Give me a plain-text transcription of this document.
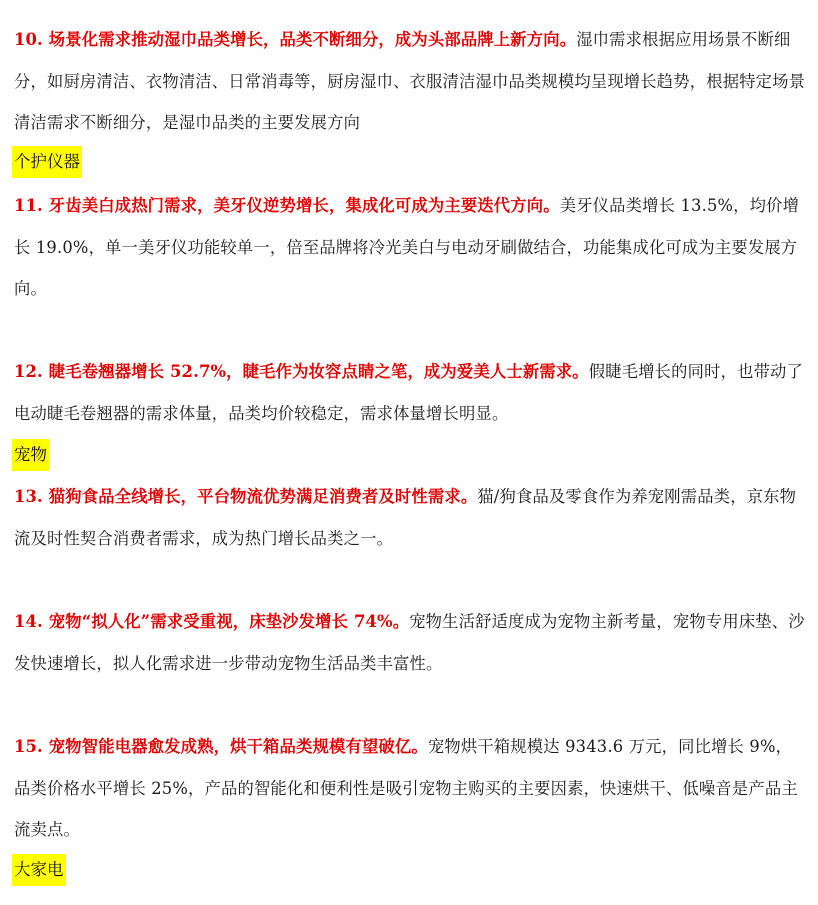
10. 场景化需求推动湿巾品类增长，品类不断细分，成为头部品牌上新方向。湿巾需求根据应用场景不断细分，如厨房清洁、衣物清洁、日常消毒等，厨房湿巾、衣服清洁湿巾品类规模均呈现增长趋势，根据特定场景清洁需求不断细分，是湿巾品类的主要发展方向

个护仪器

11. 牙齿美白成热门需求，美牙仪逆势增长，集成化可成为主要迭代方向。美牙仪品类增长 13.5%，均价增长 19.0%，单一美牙仪功能较单一，倍至品牌将冷光美白与电动牙刷做结合，功能集成化可成为主要发展方向。

12. 睫毛卷翘器增长 52.7%，睫毛作为妆容点睛之笔，成为爱美人士新需求。假睫毛增长的同时，也带动了电动睫毛卷翘器的需求体量，品类均价较稳定，需求体量增长明显。

宠物

13. 猫狗食品全线增长，平台物流优势满足消费者及时性需求。猫/狗食品及零食作为养宠刚需品类，京东物流及时性契合消费者需求，成为热门增长品类之一。

14. 宠物“拟人化”需求受重视，床垫沙发增长 74%。宠物生活舒适度成为宠物主新考量，宠物专用床垫、沙发快速增长，拟人化需求进一步带动宠物生活品类丰富性。

15. 宠物智能电器愈发成熟，烘干箱品类规模有望破亿。宠物烘干箱规模达 9343.6 万元，同比增长 9%，品类价格水平增长 25%，产品的智能化和便利性是吸引宠物主购买的主要因素，快速烘干、低噪音是产品主流卖点。

大家电
